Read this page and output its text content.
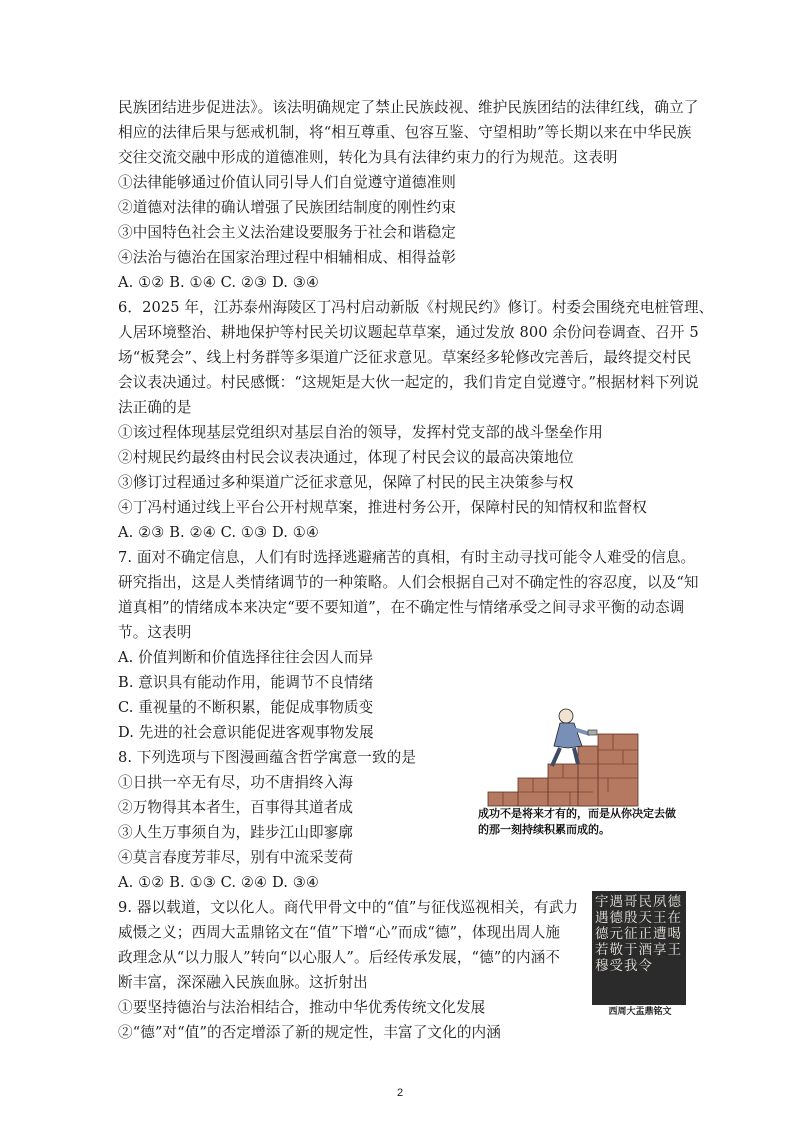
民族团结进步促进法》。该法明确规定了禁止民族歧视、维护民族团结的法律红线，确立了
相应的法律后果与惩戒机制，将“相互尊重、包容互鉴、守望相助”等长期以来在中华民族
交往交流交融中形成的道德准则，转化为具有法律约束力的行为规范。这表明
①法律能够通过价值认同引导人们自觉遵守道德准则
②道德对法律的确认增强了民族团结制度的刚性约束
③中国特色社会主义法治建设要服务于社会和谐稳定
④法治与德治在国家治理过程中相辅相成、相得益彰
A. ①② B. ①④ C. ②③ D. ③④
6．2025 年，江苏泰州海陵区丁冯村启动新版《村规民约》修订。村委会围绕充电桩管理、
人居环境整治、耕地保护等村民关切议题起草草案，通过发放 800 余份问卷调查、召开 5
场“板凳会”、线上村务群等多渠道广泛征求意见。草案经多轮修改完善后，最终提交村民
会议表决通过。村民感慨：“这规矩是大伙一起定的，我们肯定自觉遵守。”根据材料下列说
法正确的是
①该过程体现基层党组织对基层自治的领导，发挥村党支部的战斗堡垒作用
②村规民约最终由村民会议表决通过，体现了村民会议的最高决策地位
③修订过程通过多种渠道广泛征求意见，保障了村民的民主决策参与权
④丁冯村通过线上平台公开村规草案，推进村务公开，保障村民的知情权和监督权
A. ②③ B. ②④ C. ①③ D. ①④
7. 面对不确定信息，人们有时选择逃避痛苦的真相，有时主动寻找可能令人难受的信息。
研究指出，这是人类情绪调节的一种策略。人们会根据自己对不确定性的容忍度，以及“知
道真相”的情绪成本来决定“要不要知道”，在不确定性与情绪承受之间寻求平衡的动态调
节。这表明
A. 价值判断和价值选择往往会因人而异
B. 意识具有能动作用，能调节不良情绪
C. 重视量的不断积累，能促成事物质变
D. 先进的社会意识能促进客观事物发展
8. 下列选项与下图漫画蕴含哲学寓意一致的是
①日拱一卒无有尽，功不唐捐终入海
②万物得其本者生，百事得其道者成
③人生万事须自为，跬步江山即寥廓
④莫言春度芳菲尽，别有中流采芰荷
A. ①② B. ①③ C. ②④ D. ③④
9. 器以载道，文以化人。商代甲骨文中的“值”与征伐巡视相关，有武力
威慑之义；西周大盂鼎铭文在“值”下增“心”而成“德”，体现出周人施
政理念从“以力服人”转向“以心服人”。后经传承发展，“德”的内涵不
断丰富，深深融入民族血脉。这折射出
①要坚持德治与法治相结合，推动中华优秀传统文化发展
②“德”对“值”的否定增添了新的规定性，丰富了文化的内涵
成功不是将来才有的，而是从你决定去做的那一刻持续积累而成的。
宇遇哥民夙德遇德殷天王在德元征正遭喝若敬于酒享王穆受我令
西周大盂鼎铭文
2
